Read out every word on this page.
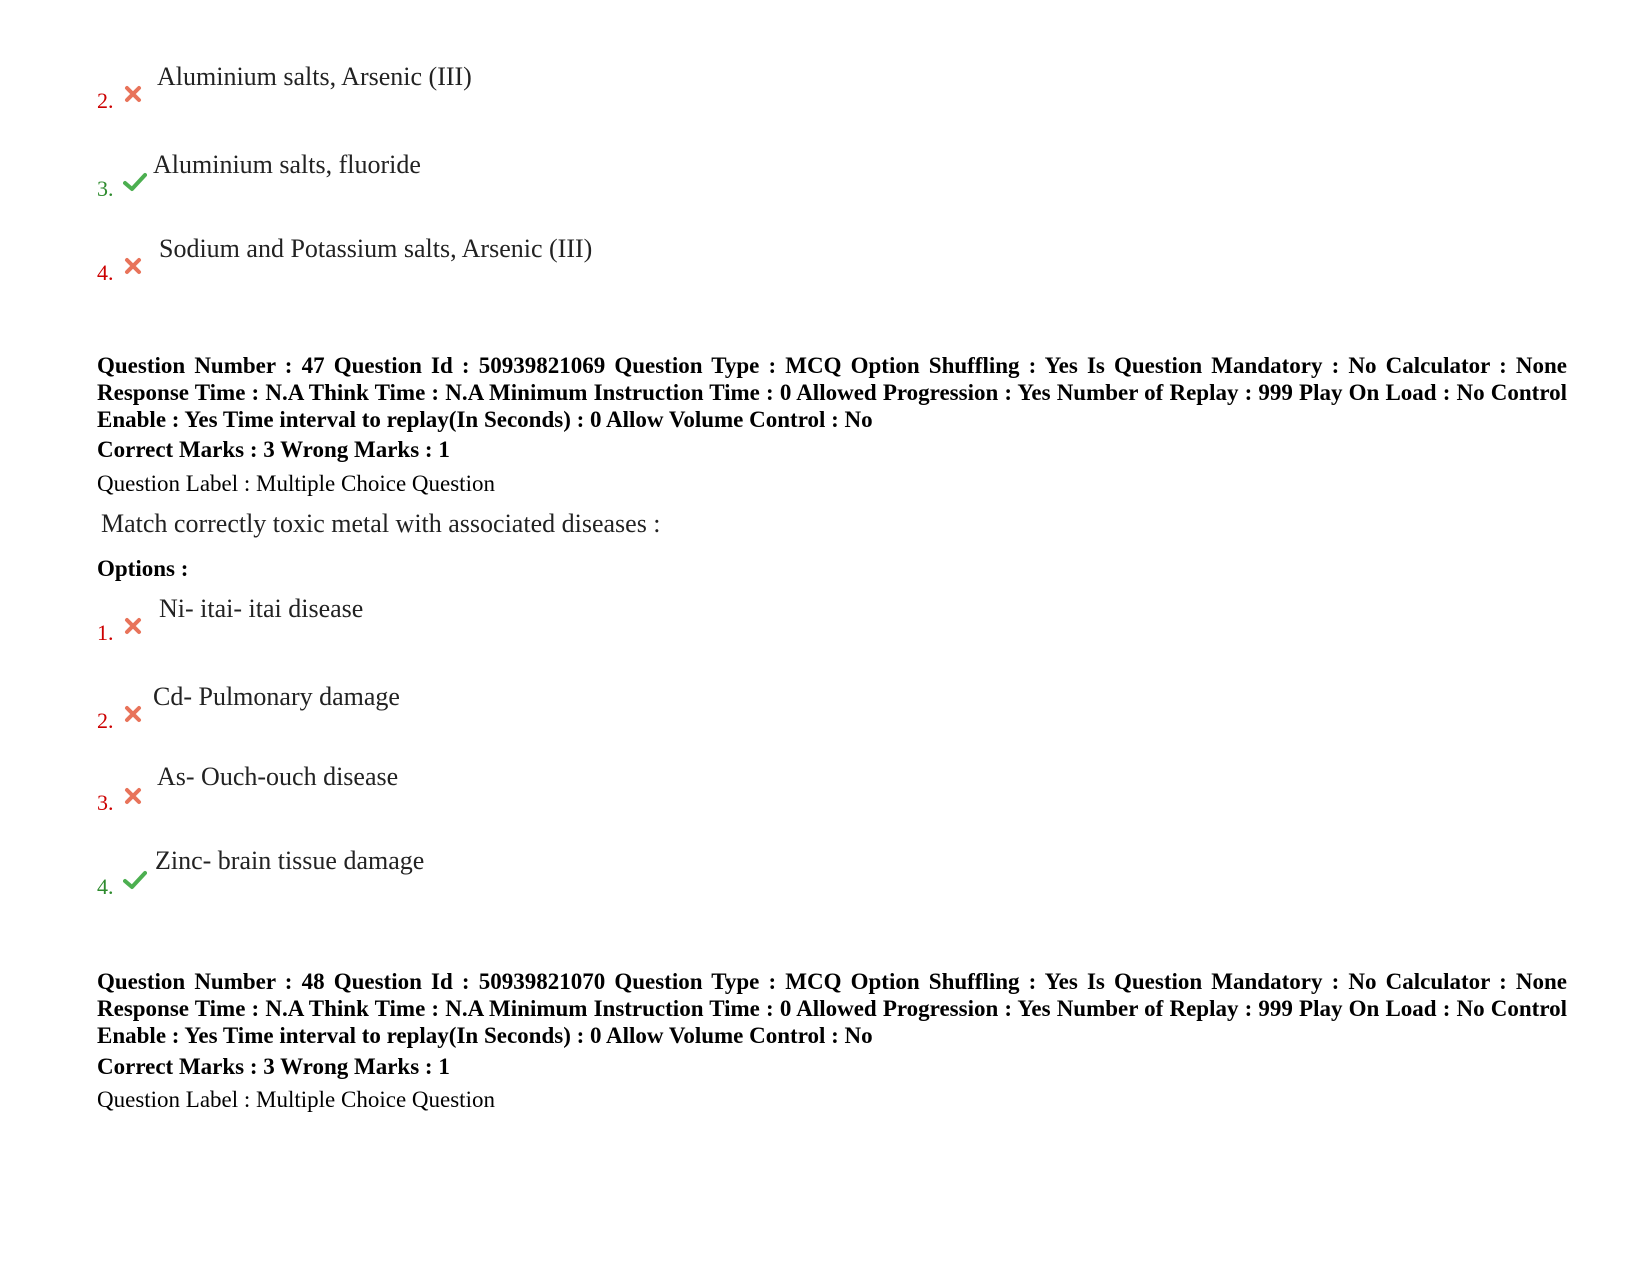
2.
Aluminium salts, Arsenic (III)
3.
Aluminium salts, fluoride
4.
Sodium and Potassium salts, Arsenic (III)
Question Number : 47 Question Id : 50939821069 Question Type : MCQ Option Shuffling : Yes Is Question Mandatory : No Calculator : None Response Time : N.A Think Time : N.A Minimum Instruction Time : 0 Allowed Progression : Yes Number of Replay : 999 Play On Load : No Control Enable : Yes Time interval to replay(In Seconds) : 0 Allow Volume Control : No
Correct Marks : 3 Wrong Marks : 1
Question Label : Multiple Choice Question
Match correctly toxic metal with associated diseases :
Options :
1.
Ni- itai- itai disease
2.
Cd- Pulmonary damage
3.
As- Ouch-ouch disease
4.
Zinc- brain tissue damage
Question Number : 48 Question Id : 50939821070 Question Type : MCQ Option Shuffling : Yes Is Question Mandatory : No Calculator : None Response Time : N.A Think Time : N.A Minimum Instruction Time : 0 Allowed Progression : Yes Number of Replay : 999 Play On Load : No Control Enable : Yes Time interval to replay(In Seconds) : 0 Allow Volume Control : No
Correct Marks : 3 Wrong Marks : 1
Question Label : Multiple Choice Question
